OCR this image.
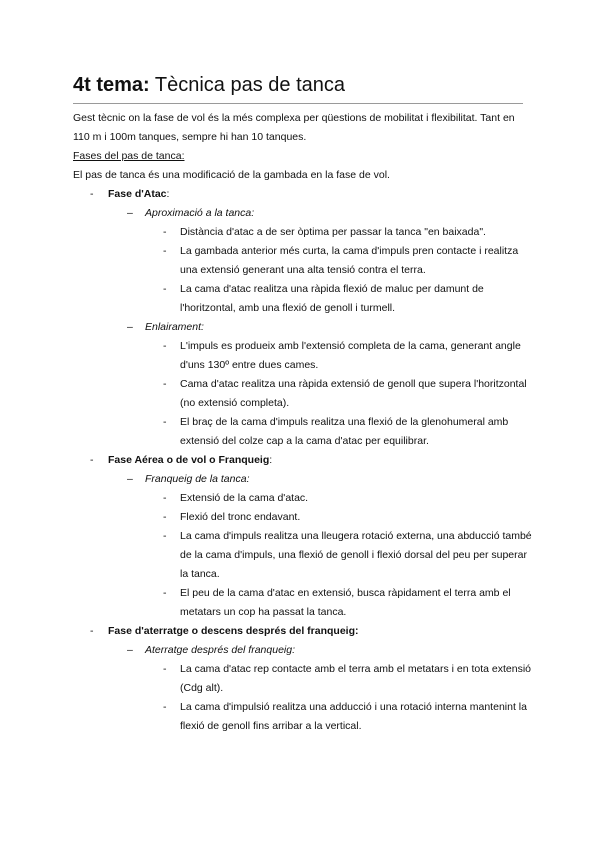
4t tema: Tècnica pas de tanca

Gest tècnic on la fase de vol és la més complexa per qüestions de mobilitat i flexibilitat. Tant en 110 m i 100m tanques, sempre hi han 10 tanques.

Fases del pas de tanca:

El pas de tanca és una modificació de la gambada en la fase de vol.

- Fase d'Atac:
– Aproximació a la tanca:
- Distància d'atac a de ser òptima per passar la tanca "en baixada".
- La gambada anterior més curta, la cama d'impuls pren contacte i realitza una extensió generant una alta tensió contra el terra.
- La cama d'atac realitza una ràpida flexió de maluc per damunt de l'horitzontal, amb una flexió de genoll i turmell.
– Enlairament:
- L'impuls es produeix amb l'extensió completa de la cama, generant angle d'uns 130º entre dues cames.
- Cama d'atac realitza una ràpida extensió de genoll que supera l'horitzontal (no extensió completa).
- El braç de la cama d'impuls realitza una flexió de la glenohumeral amb extensió del colze cap a la cama d'atac per equilibrar.
- Fase Aérea o de vol o Franqueig:
– Franqueig de la tanca:
- Extensió de la cama d'atac.
- Flexió del tronc endavant.
- La cama d'impuls realitza una lleugera rotació externa, una abducció també de la cama d'impuls, una flexió de genoll i flexió dorsal del peu per superar la tanca.
- El peu de la cama d'atac en extensió, busca ràpidament el terra amb el metatars un cop ha passat la tanca.
- Fase d'aterratge o descens després del franqueig:
– Aterratge després del franqueig:
- La cama d'atac rep contacte amb el terra amb el metatars i en tota extensió (Cdg alt).
- La cama d'impulsió realitza una adducció i una rotació interna mantenint la flexió de genoll fins arribar a la vertical.
